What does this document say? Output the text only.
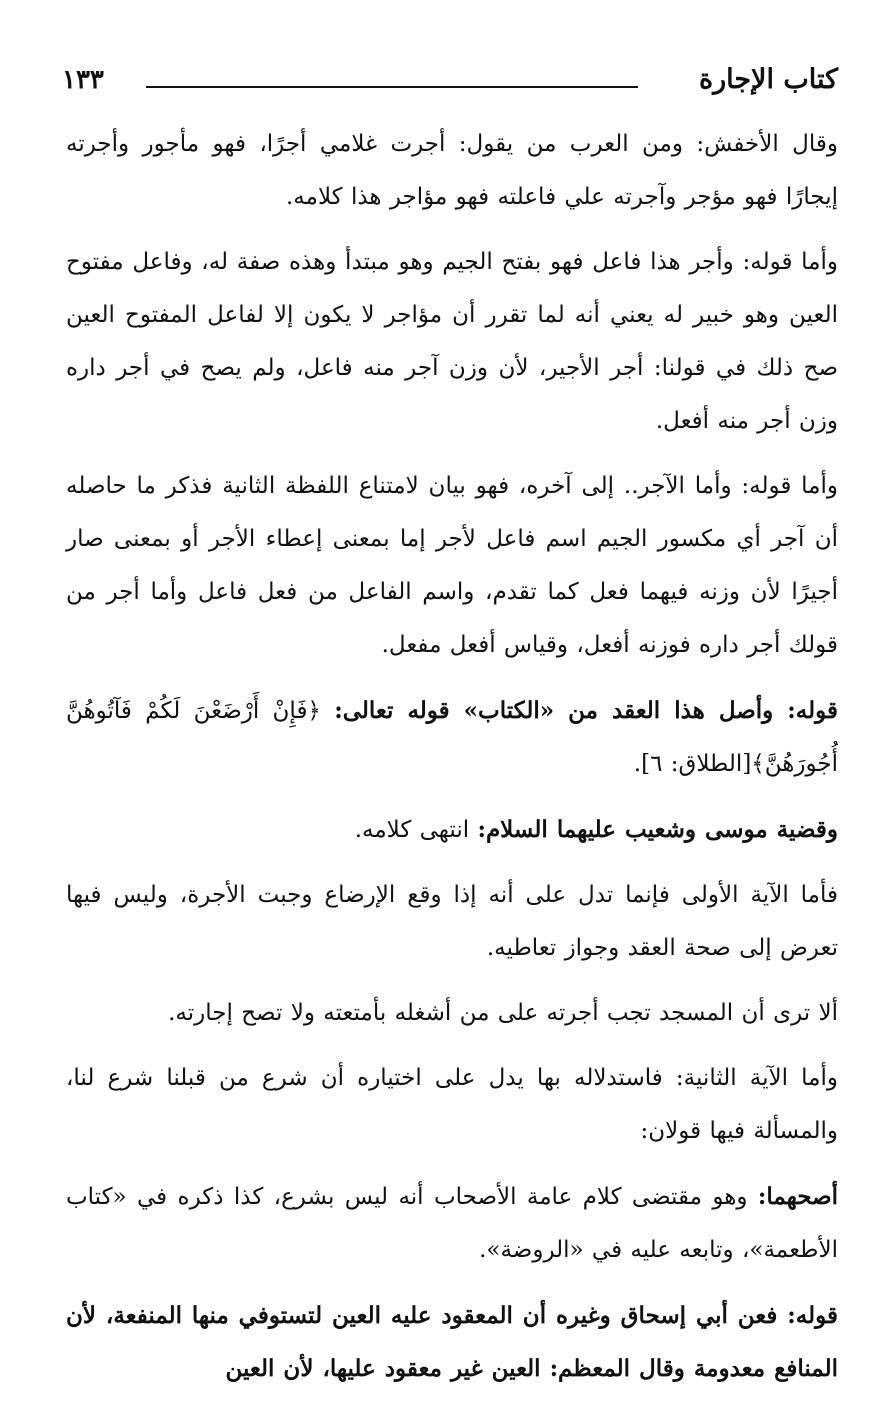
كتاب الإجارة
١٣٣

وقال الأخفش: ومن العرب من يقول: أجرت غلامي أجرًا، فهو مأجور وأجرته إيجارًا فهو مؤجر وآجرته علي فاعلته فهو مؤاجر هذا كلامه.

وأما قوله: وأجر هذا فاعل فهو بفتح الجيم وهو مبتدأ وهذه صفة له، وفاعل مفتوح العين وهو خبير له يعني أنه لما تقرر أن مؤاجر لا يكون إلا لفاعل المفتوح العين صح ذلك في قولنا: أجر الأجير، لأن وزن آجر منه فاعل، ولم يصح في أجر داره وزن أجر منه أفعل.

وأما قوله: وأما الآجر.. إلى آخره، فهو بيان لامتناع اللفظة الثانية فذكر ما حاصله أن آجر أي مكسور الجيم اسم فاعل لأجر إما بمعنى إعطاء الأجر أو بمعنى صار أجيرًا لأن وزنه فيهما فعل كما تقدم، واسم الفاعل من فعل فاعل وأما أجر من قولك أجر داره فوزنه أفعل، وقياس أفعل مفعل.

قوله: وأصل هذا العقد من «الكتاب» قوله تعالى: ﴿فَإِنْ أَرْضَعْنَ لَكُمْ فَآتُوهُنَّ أُجُورَهُنَّ﴾[الطلاق: ٦].

وقضية موسى وشعيب عليهما السلام: انتهى كلامه.

فأما الآية الأولى فإنما تدل على أنه إذا وقع الإرضاع وجبت الأجرة، وليس فيها تعرض إلى صحة العقد وجواز تعاطيه.

ألا ترى أن المسجد تجب أجرته على من أشغله بأمتعته ولا تصح إجارته.

وأما الآية الثانية: فاستدلاله بها يدل على اختياره أن شرع من قبلنا شرع لنا، والمسألة فيها قولان:

أصحهما: وهو مقتضى كلام عامة الأصحاب أنه ليس بشرع، كذا ذكره في «كتاب الأطعمة»، وتابعه عليه في «الروضة».

قوله: فعن أبي إسحاق وغيره أن المعقود عليه العين لتستوفي منها المنفعة، لأن المنافع معدومة وقال المعظم: العين غير معقود عليها، لأن العين
